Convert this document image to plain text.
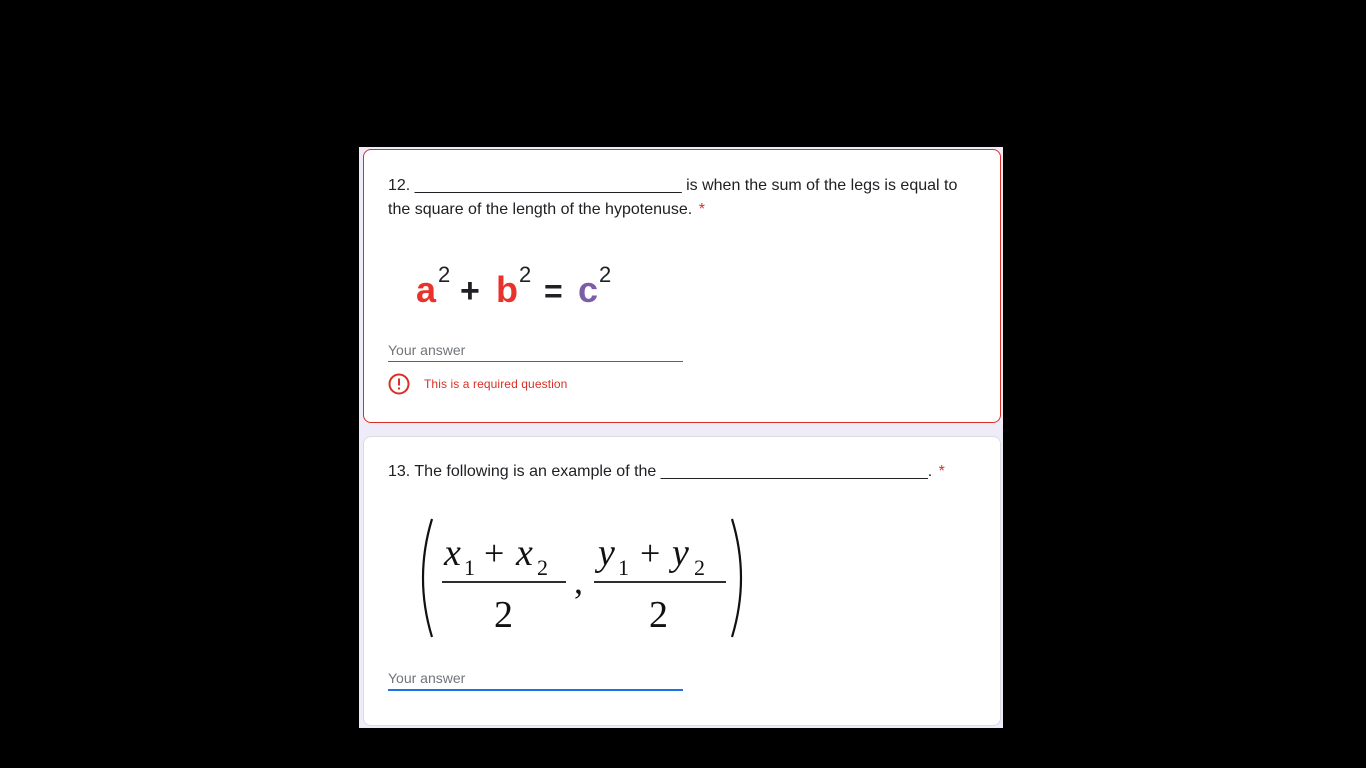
12. ______________________________ is when the sum of the legs is equal to the square of the length of the hypotenuse. *
a 2 + b 2 = c 2
Your answer
This is a required question
13. The following is an example of the ______________________________. *
x 1 + x 2
2
,
y 1 + y 2
2
Your answer
